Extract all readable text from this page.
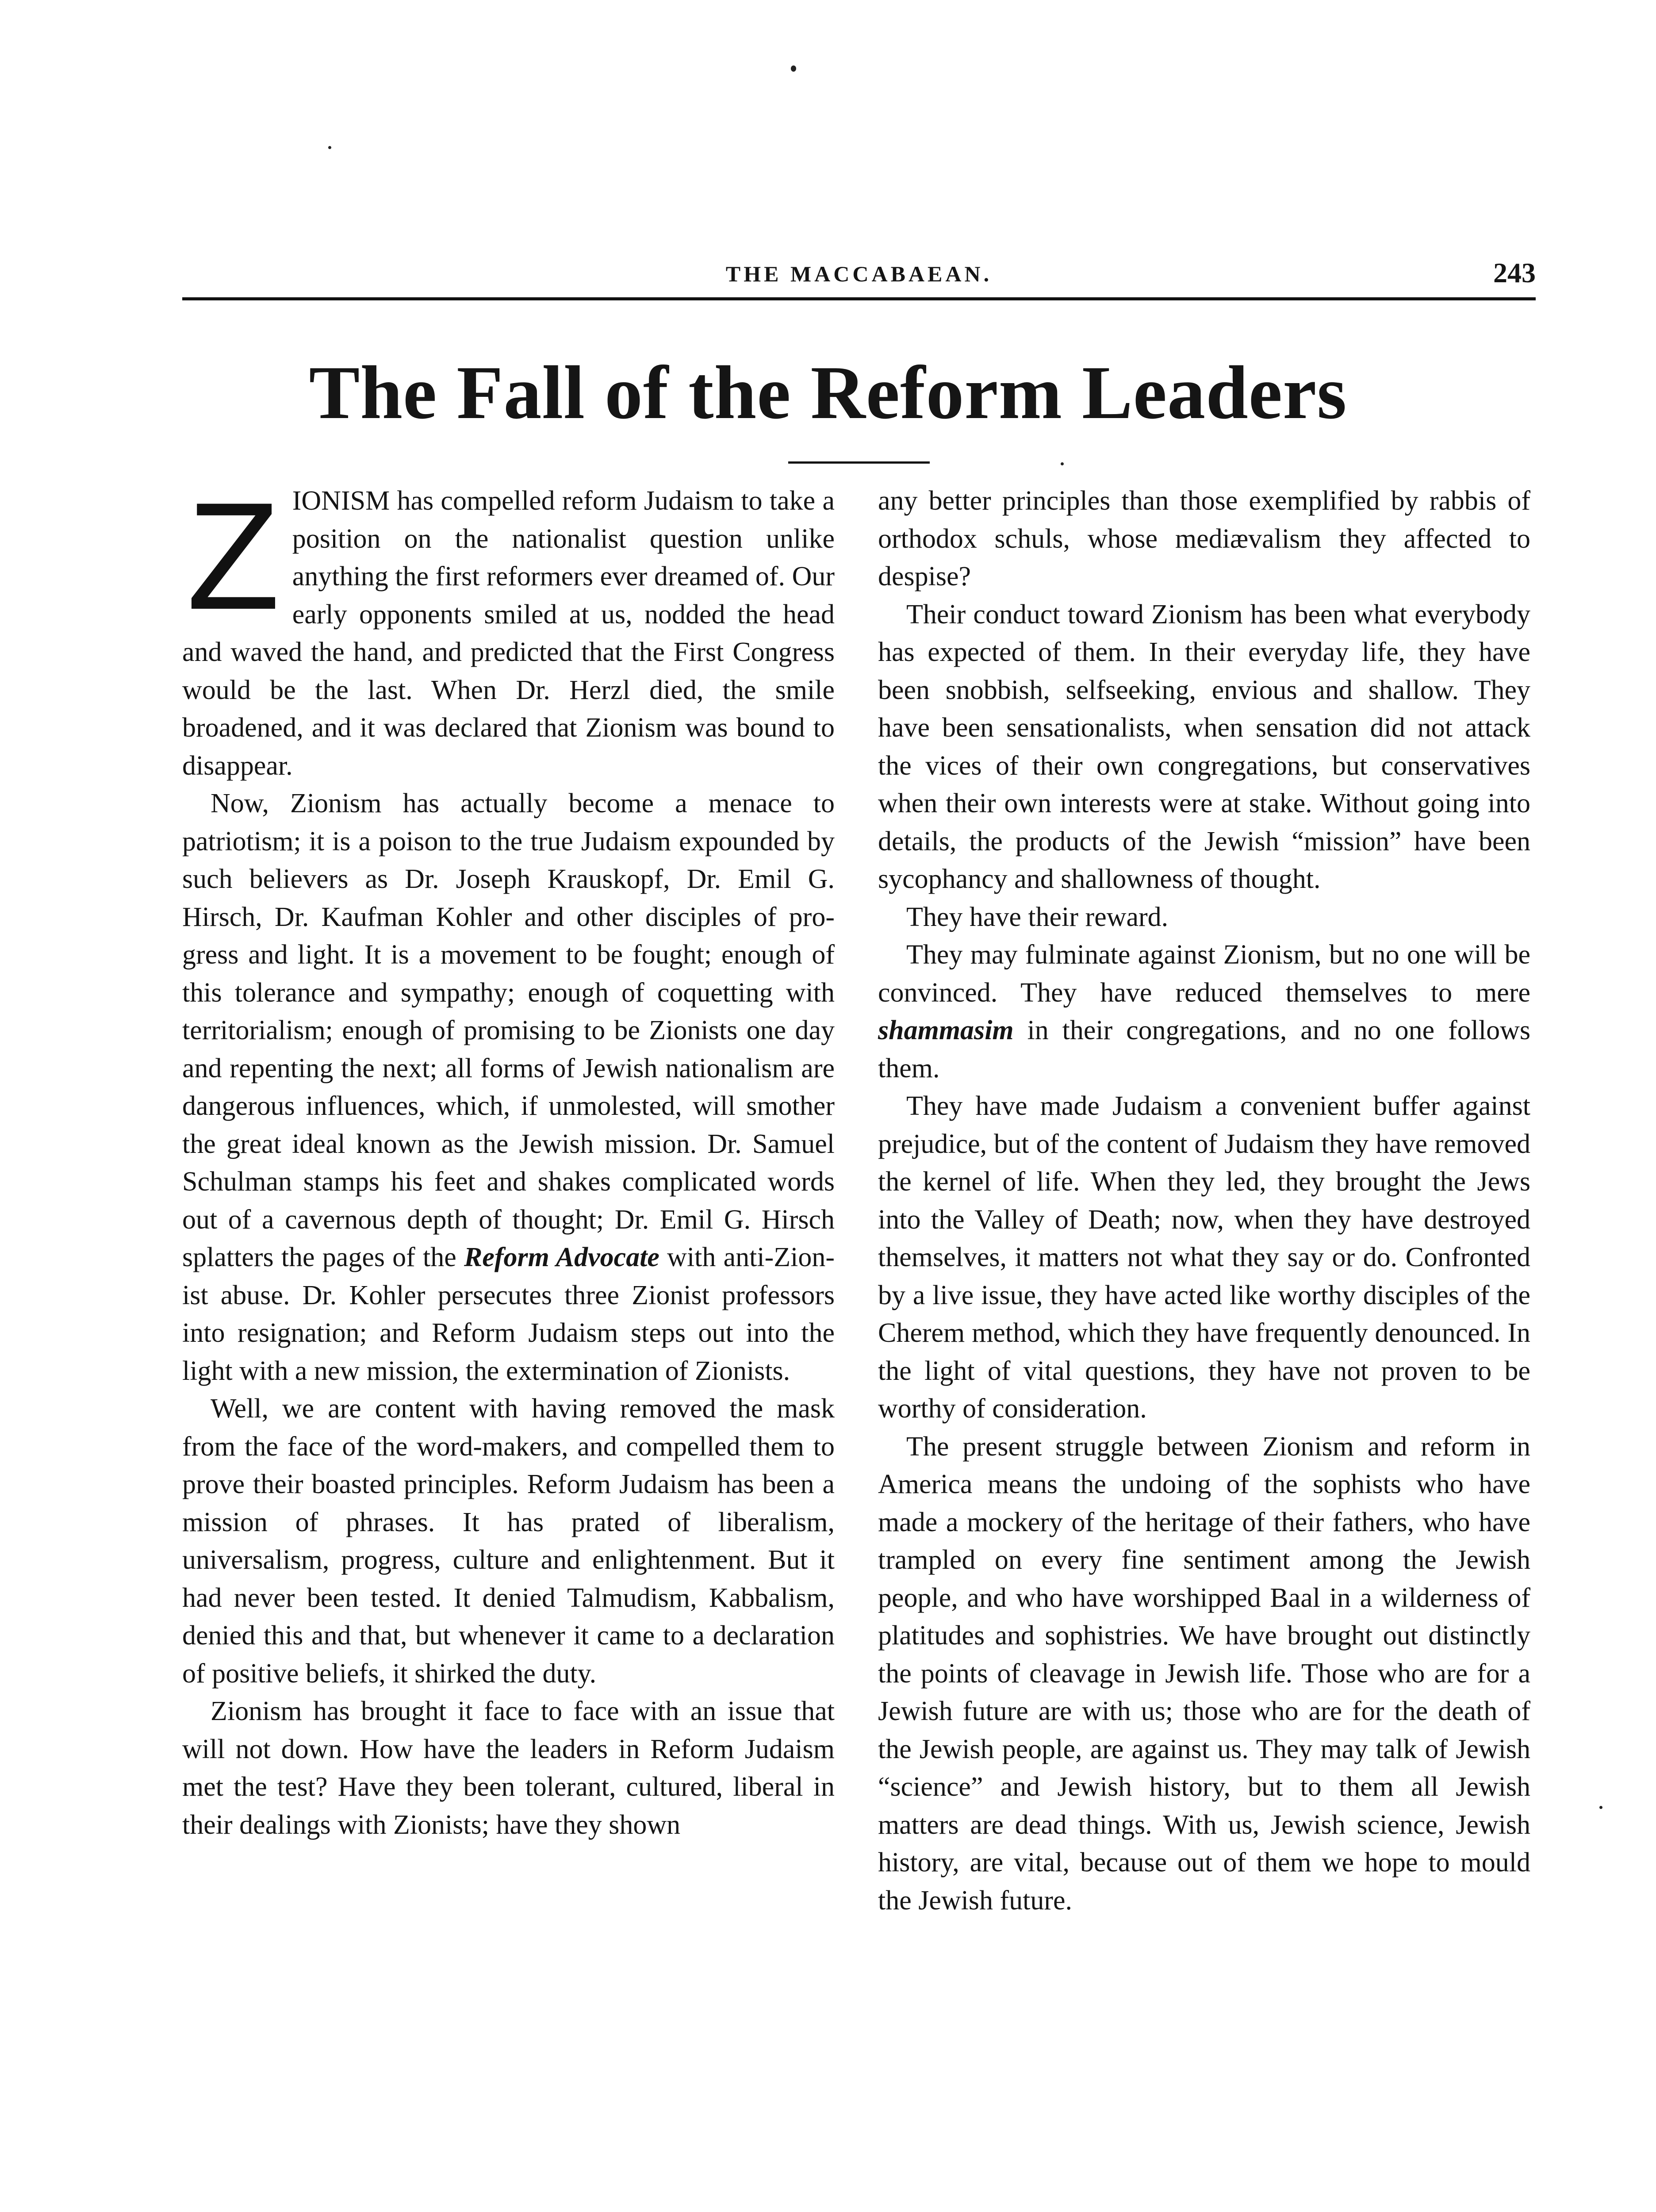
THE MACCABAEAN.	243
The Fall of the Reform Leaders

ZIONISM has compelled reform Judaism to take a position on the nationalist question unlike anything the first reformers ever dreamed of. Our early opponents smiled at us, nodded the head and waved the hand, and predicted that the First Congress would be the last. When Dr. Herzl died, the smile broadened, and it was declared that Zionism was bound to disappear.

Now, Zionism has actually become a menace to patriotism; it is a poison to the true Judaism expounded by such believers as Dr. Joseph Krauskopf, Dr. Emil G. Hirsch, Dr. Kaufman Kohler and other disciples of progress and light. It is a movement to be fought; enough of this tolerance and sympathy; enough of coquetting with territorialism; enough of promising to be Zionists one day and repenting the next; all forms of Jewish nationalism are dangerous influences, which, if unmolested, will smother the great ideal known as the Jewish mission. Dr. Samuel Schulman stamps his feet and shakes complicated words out of a cavernous depth of thought; Dr. Emil G. Hirsch splatters the pages of the Reform Advocate with anti-Zionist abuse. Dr. Kohler persecutes three Zionist professors into resignation; and Reform Judaism steps out into the light with a new mission, the extermination of Zionists.

Well, we are content with having removed the mask from the face of the word-makers, and compelled them to prove their boasted principles. Reform Judaism has been a mission of phrases. It has prated of liberalism, universalism, progress, culture and enlightenment. But it had never been tested. It denied Talmudism, Kabbalism, denied this and that, but whenever it came to a declaration of positive beliefs, it shirked the duty.

Zionism has brought it face to face with an issue that will not down. How have the leaders in Reform Judaism met the test? Have they been tolerant, cultured, liberal in their dealings with Zionists; have they shown

any better principles than those exemplified by rabbis of orthodox schuls, whose mediævalism they affected to despise?

Their conduct toward Zionism has been what everybody has expected of them. In their everyday life, they have been snobbish, selfseeking, envious and shallow. They have been sensationalists, when sensation did not attack the vices of their own congregations, but conservatives when their own interests were at stake. Without going into details, the products of the Jewish “mission” have been sycophancy and shallowness of thought.

They have their reward.

They may fulminate against Zionism, but no one will be convinced. They have reduced themselves to mere shammasim in their congregations, and no one follows them.

They have made Judaism a convenient buffer against prejudice, but of the content of Judaism they have removed the kernel of life. When they led, they brought the Jews into the Valley of Death; now, when they have destroyed themselves, it matters not what they say or do. Confronted by a live issue, they have acted like worthy disciples of the Cherem method, which they have frequently denounced. In the light of vital questions, they have not proven to be worthy of consideration.

The present struggle between Zionism and reform in America means the undoing of the sophists who have made a mockery of the heritage of their fathers, who have trampled on every fine sentiment among the Jewish people, and who have worshipped Baal in a wilderness of platitudes and sophistries. We have brought out distinctly the points of cleavage in Jewish life. Those who are for a Jewish future are with us; those who are for the death of the Jewish people, are against us. They may talk of Jewish “science” and Jewish history, but to them all Jewish matters are dead things. With us, Jewish science, Jewish history, are vital, because out of them we hope to mould the Jewish future.
